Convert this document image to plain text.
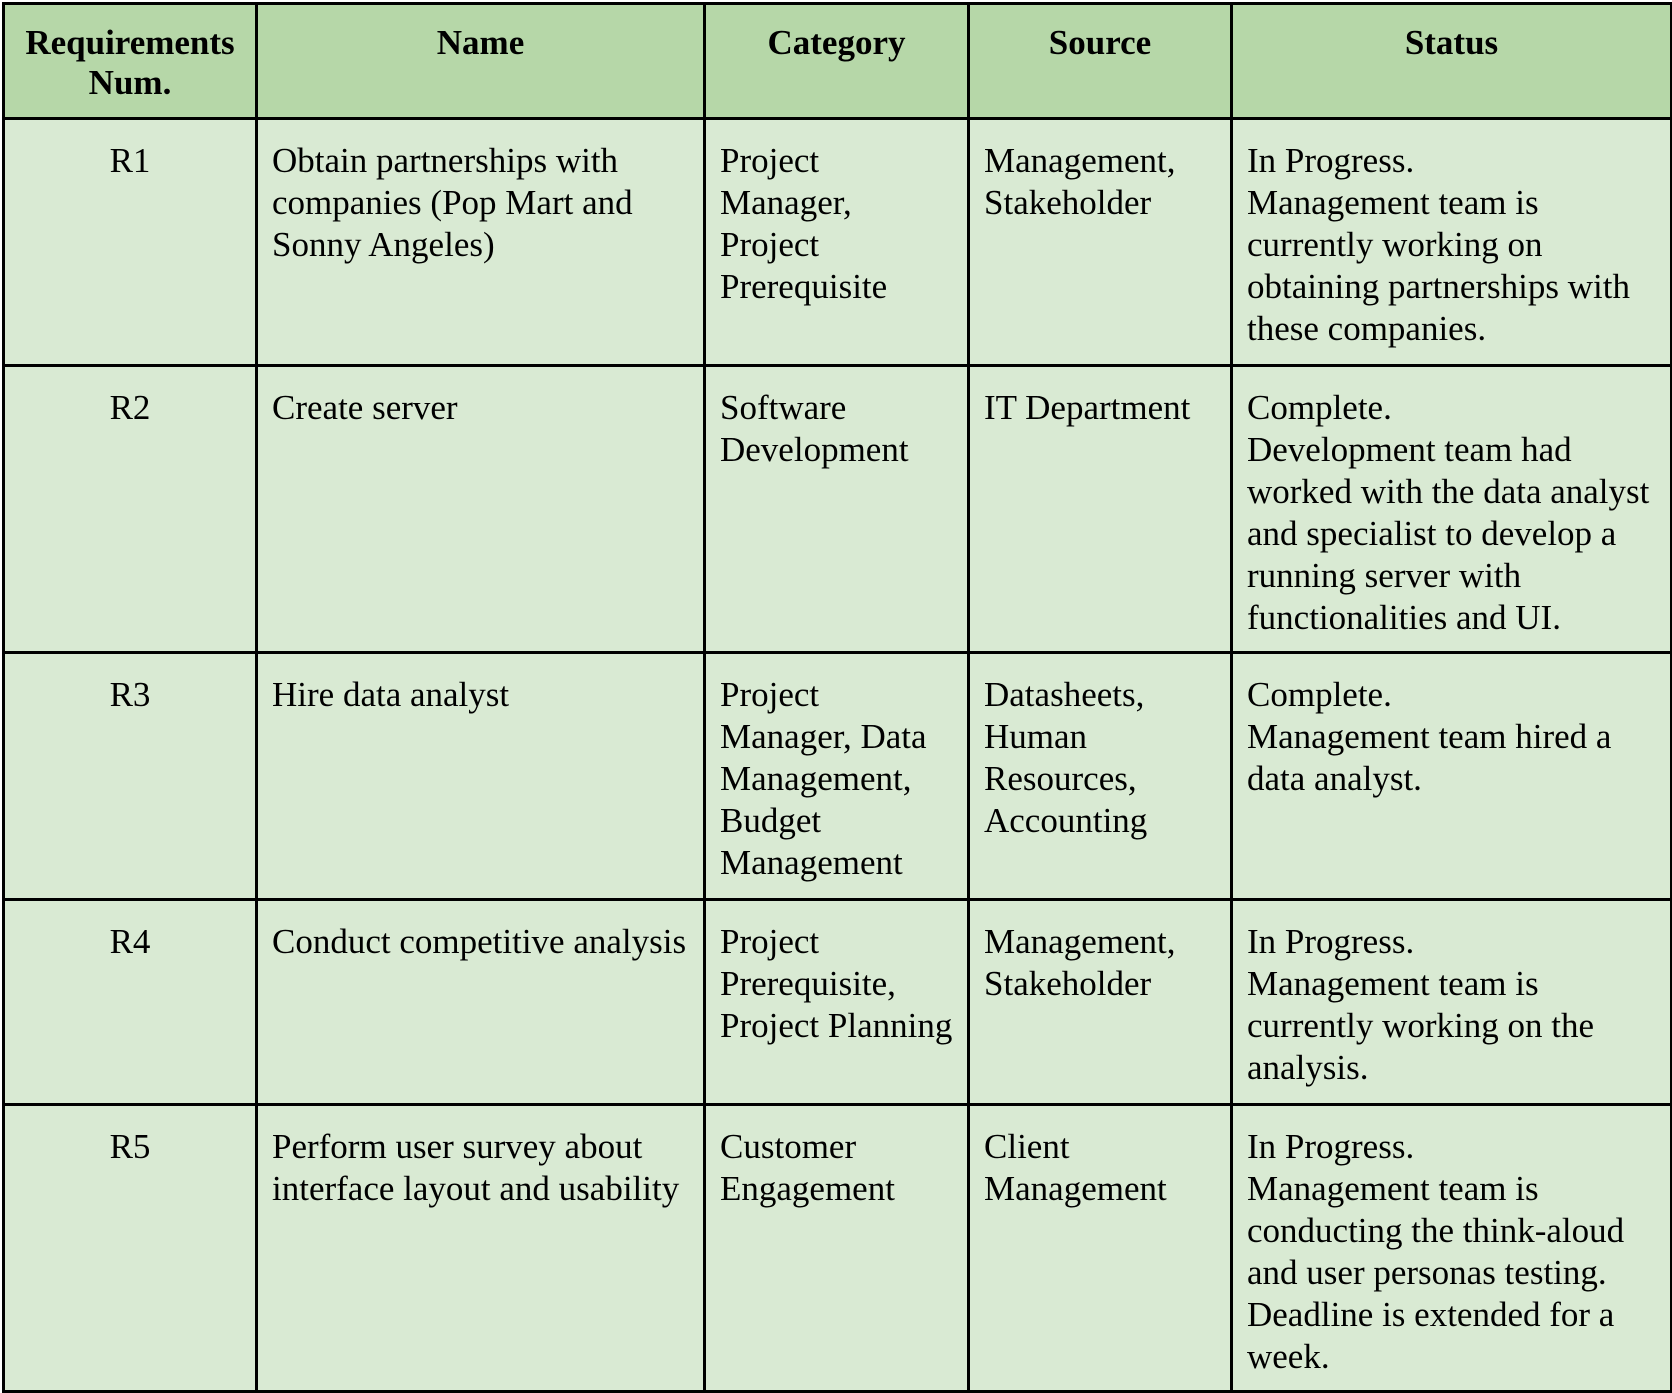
Requirements Num.	Name	Category	Source	Status
R1	Obtain partnerships with companies (Pop Mart and Sonny Angeles)	Project Manager, Project Prerequisite	Management, Stakeholder	In Progress.
Management team is currently working on obtaining partnerships with these companies.

R2	Create server	Software Development	IT Department	Complete.
Development team had worked with the data analyst and specialist to develop a running server with functionalities and UI.

R3	Hire data analyst	Project Manager, Data Management, Budget Management	Datasheets, Human Resources, Accounting	Complete.
Management team hired a data analyst.

R4	Conduct competitive analysis	Project Prerequisite, Project Planning	Management, Stakeholder	In Progress.
Management team is currently working on the analysis.

R5	Perform user survey about interface layout and usability	Customer Engagement	Client Management	In Progress.
Management team is conducting the think-aloud and user personas testing. Deadline is extended for a week.
